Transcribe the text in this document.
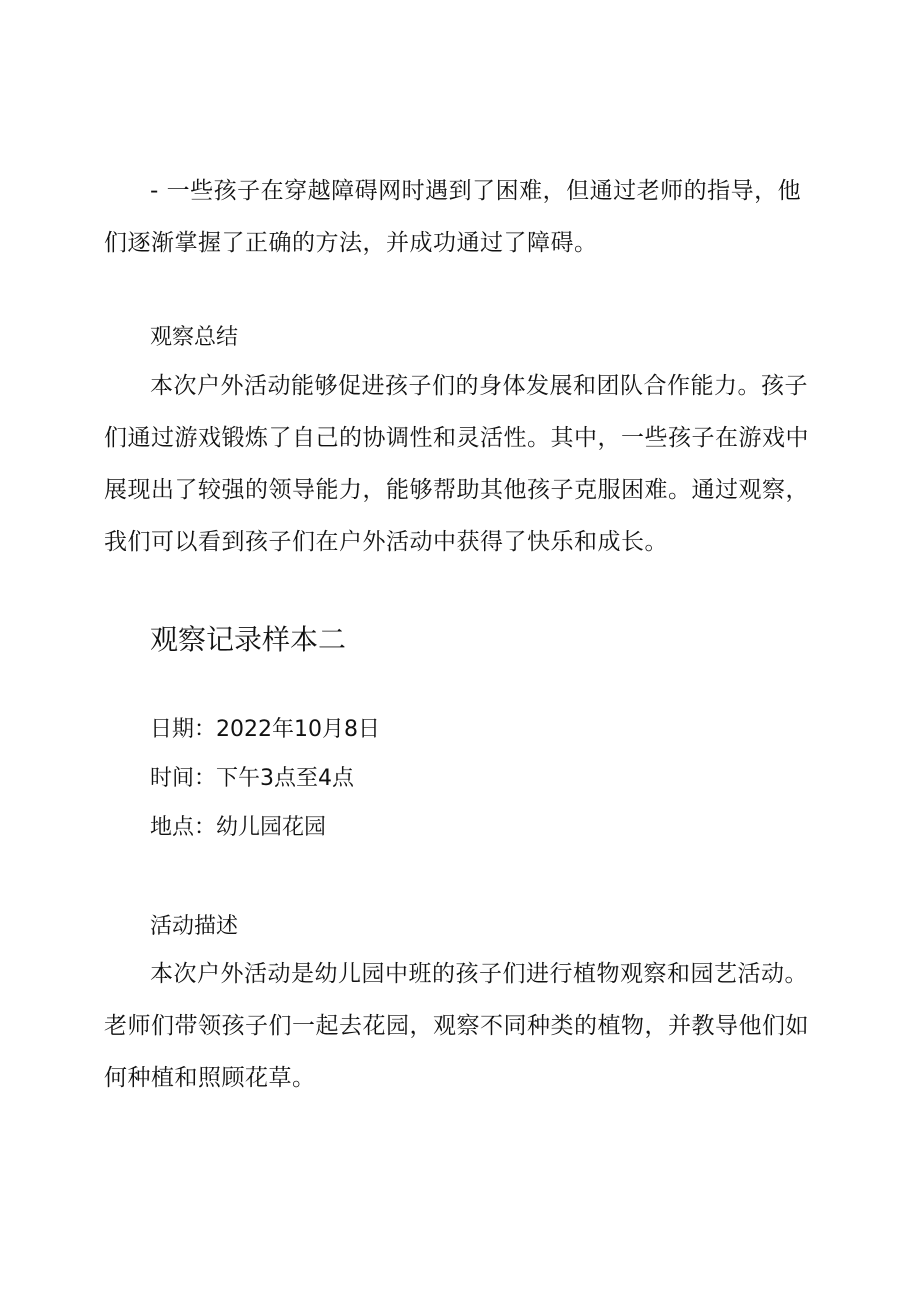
- 一些孩子在穿越障碍网时遇到了困难，但通过老师的指导，他们逐渐掌握了正确的方法，并成功通过了障碍。

观察总结

本次户外活动能够促进孩子们的身体发展和团队合作能力。孩子们通过游戏锻炼了自己的协调性和灵活性。其中，一些孩子在游戏中展现出了较强的领导能力，能够帮助其他孩子克服困难。通过观察，我们可以看到孩子们在户外活动中获得了快乐和成长。

观察记录样本二

日期：2022年10月8日

时间：下午3点至4点

地点：幼儿园花园

活动描述

本次户外活动是幼儿园中班的孩子们进行植物观察和园艺活动。老师们带领孩子们一起去花园，观察不同种类的植物，并教导他们如何种植和照顾花草。
